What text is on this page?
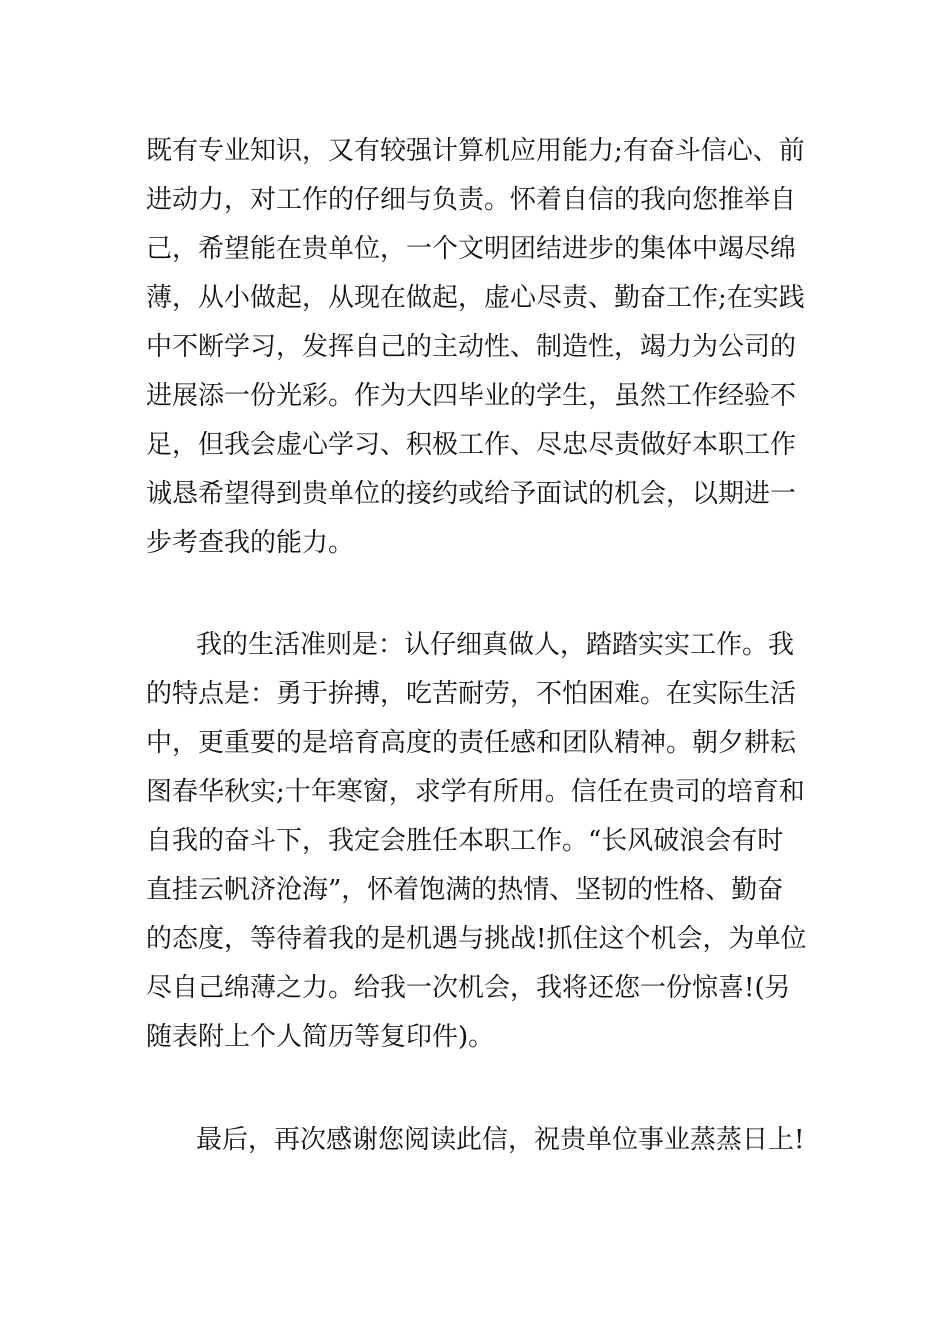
既有专业知识，又有较强计算机应用能力;有奋斗信心、前

进动力，对工作的仔细与负责。怀着自信的我向您推举自

己，希望能在贵单位，一个文明团结进步的集体中竭尽绵

薄，从小做起，从现在做起，虚心尽责、勤奋工作;在实践

中不断学习，发挥自己的主动性、制造性，竭力为公司的

进展添一份光彩。作为大四毕业的学生，虽然工作经验不

足，但我会虚心学习、积极工作、尽忠尽责做好本职工作

诚恳希望得到贵单位的接约或给予面试的机会，以期进一

步考查我的能力。

我的生活准则是：认仔细真做人，踏踏实实工作。我

的特点是：勇于拚搏，吃苦耐劳，不怕困难。在实际生活

中，更重要的是培育高度的责任感和团队精神。朝夕耕耘

图春华秋实;十年寒窗，求学有所用。信任在贵司的培育和

自我的奋斗下，我定会胜任本职工作。“长风破浪会有时

直挂云帆济沧海”，怀着饱满的热情、坚韧的性格、勤奋

的态度，等待着我的是机遇与挑战!抓住这个机会，为单位

尽自己绵薄之力。给我一次机会，我将还您一份惊喜!(另

随表附上个人简历等复印件)。

最后，再次感谢您阅读此信，祝贵单位事业蒸蒸日上!
